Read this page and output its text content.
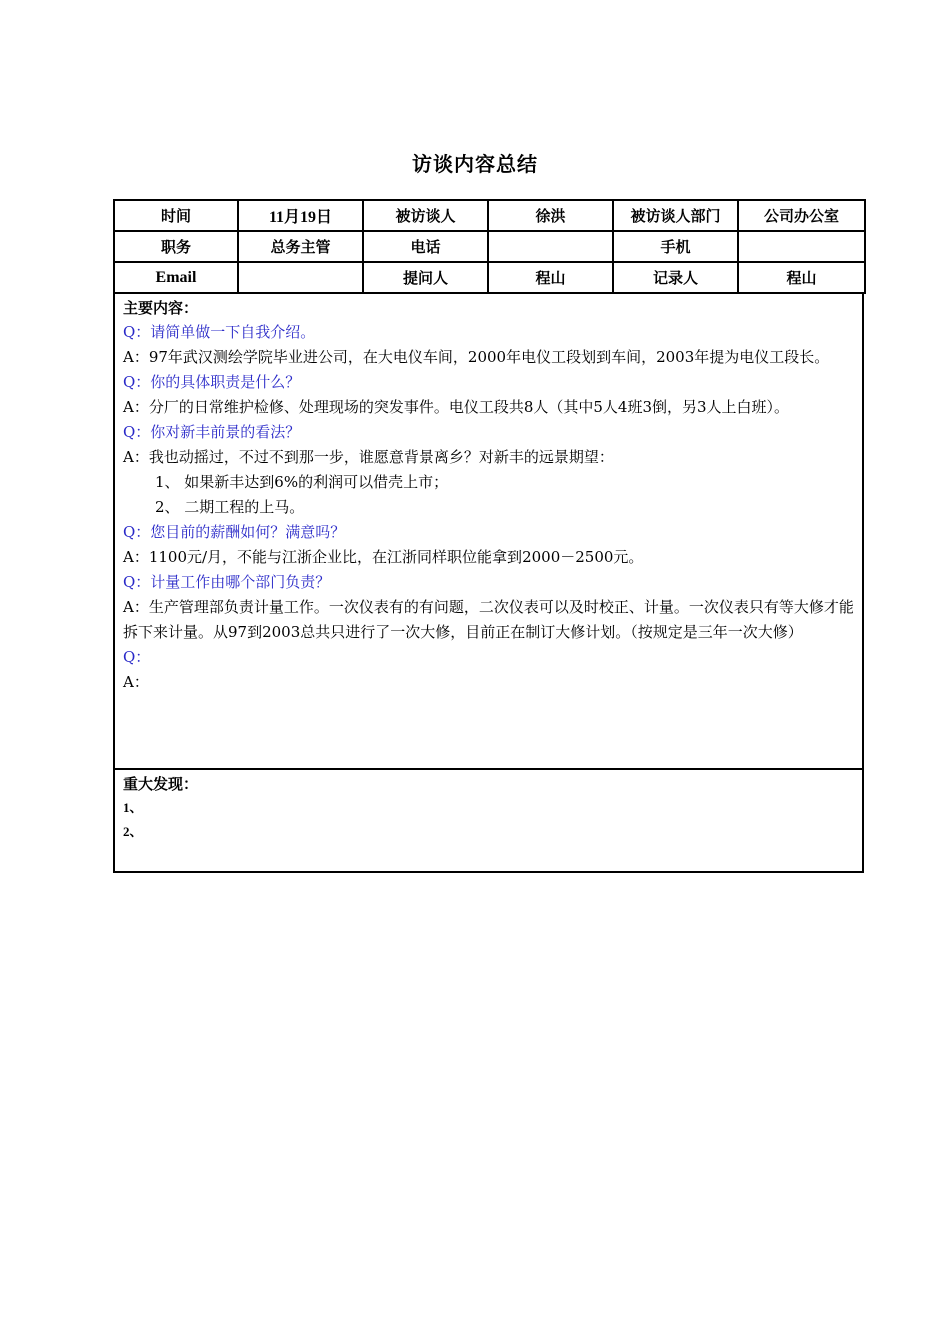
访谈内容总结
时间	11月19日	被访谈人	徐洪	被访谈人部门	公司办公室
职务	总务主管	电话		手机	
Email		提问人	程山	记录人	程山
主要内容：
Q：请简单做一下自我介绍。
A：97年武汉测绘学院毕业进公司，在大电仪车间，2000年电仪工段划到车间，2003年提为电仪工段长。
Q：你的具体职责是什么？
A：分厂的日常维护检修、处理现场的突发事件。电仪工段共8人（其中5人4班3倒，另3人上白班）。
Q：你对新丰前景的看法？
A：我也动摇过，不过不到那一步，谁愿意背景离乡？对新丰的远景期望：
1、 如果新丰达到6%的利润可以借壳上市；
2、 二期工程的上马。
Q：您目前的薪酬如何？满意吗？
A：1100元/月，不能与江浙企业比，在江浙同样职位能拿到2000－2500元。
Q：计量工作由哪个部门负责？
A：生产管理部负责计量工作。一次仪表有的有问题，二次仪表可以及时校正、计量。一次仪表只有等大修才能拆下来计量。从97到2003总共只进行了一次大修，目前正在制订大修计划。（按规定是三年一次大修）
Q：
A：
重大发现：
1、
2、
